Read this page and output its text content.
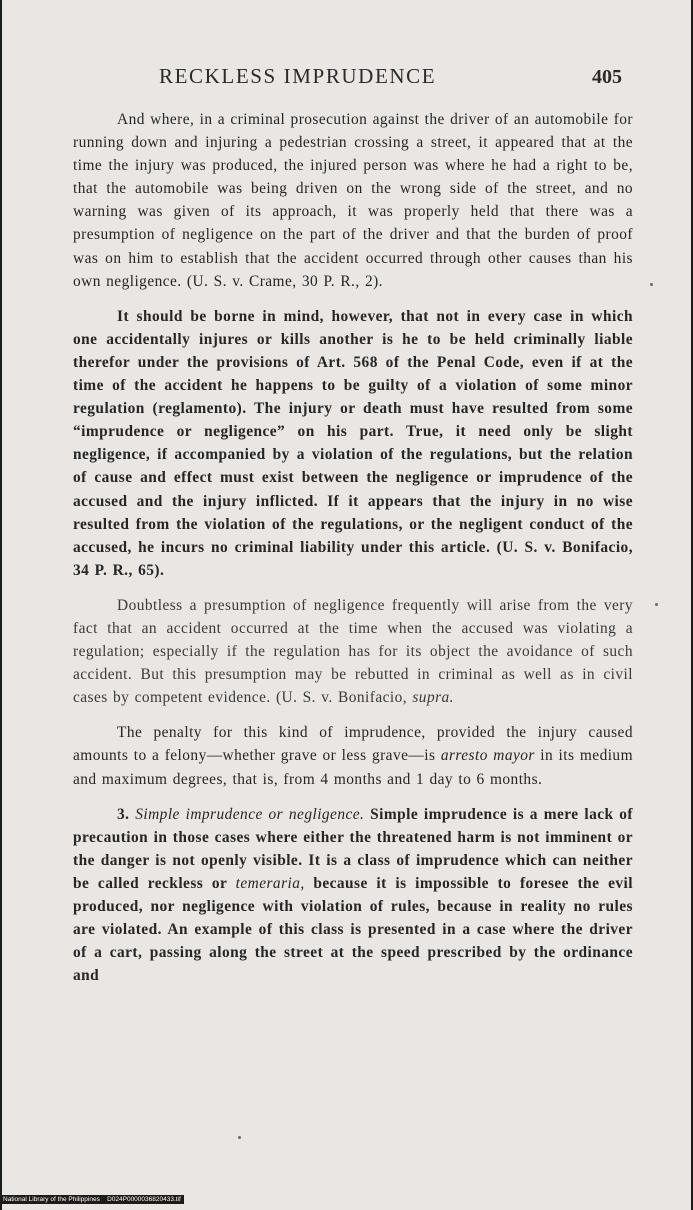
RECKLESS IMPRUDENCE	405

And where, in a criminal prosecution against the driver of an automobile for running down and injuring a pedestrian crossing a street, it appeared that at the time the injury was produced, the injured person was where he had a right to be, that the automobile was being driven on the wrong side of the street, and no warning was given of its approach, it was properly held that there was a presumption of negligence on the part of the driver and that the burden of proof was on him to establish that the accident occurred through other causes than his own negligence. (U. S. v. Crame, 30 P. R., 2).

It should be borne in mind, however, that not in every case in which one accidentally injures or kills another is he to be held criminally liable therefor under the provisions of Art. 568 of the Penal Code, even if at the time of the accident he happens to be guilty of a violation of some minor regulation (reglamento). The injury or death must have resulted from some “imprudence or negligence” on his part. True, it need only be slight negligence, if accompanied by a violation of the regulations, but the relation of cause and effect must exist between the negligence or imprudence of the accused and the injury inflicted. If it appears that the injury in no wise resulted from the violation of the regulations, or the negligent conduct of the accused, he incurs no criminal liability under this article. (U. S. v. Bonifacio, 34 P. R., 65).

Doubtless a presumption of negligence frequently will arise from the very fact that an accident occurred at the time when the accused was violating a regulation; especially if the regulation has for its object the avoidance of such accident. But this presumption may be rebutted in criminal as well as in civil cases by competent evidence. (U. S. v. Bonifacio, supra.

The penalty for this kind of imprudence, provided the injury caused amounts to a felony—whether grave or less grave—is arresto mayor in its medium and maximum degrees, that is, from 4 months and 1 day to 6 months.

3. Simple imprudence or negligence. Simple imprudence is a mere lack of precaution in those cases where either the threatened harm is not imminent or the danger is not openly visible. It is a class of imprudence which can neither be called reckless or temeraria, because it is impossible to foresee the evil produced, nor negligence with violation of rules, because in reality no rules are violated. An example of this class is presented in a case where the driver of a cart, passing along the street at the speed prescribed by the ordinance and

National Library of the Philippines D024P0000036820433.tif
